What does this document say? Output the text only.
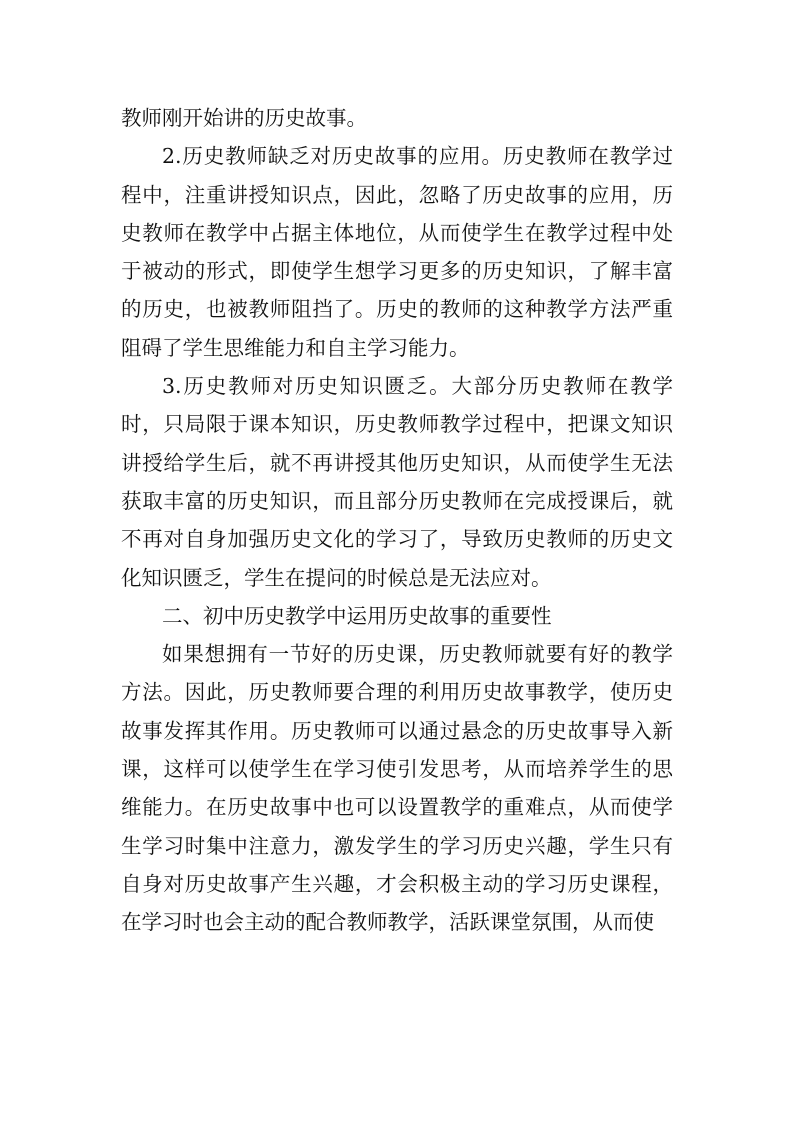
教师刚开始讲的历史故事。

2.历史教师缺乏对历史故事的应用。历史教师在教学过程中，注重讲授知识点，因此，忽略了历史故事的应用，历史教师在教学中占据主体地位，从而使学生在教学过程中处于被动的形式，即使学生想学习更多的历史知识，了解丰富的历史，也被教师阻挡了。历史的教师的这种教学方法严重阻碍了学生思维能力和自主学习能力。

3.历史教师对历史知识匮乏。大部分历史教师在教学时，只局限于课本知识，历史教师教学过程中，把课文知识讲授给学生后，就不再讲授其他历史知识，从而使学生无法获取丰富的历史知识，而且部分历史教师在完成授课后，就不再对自身加强历史文化的学习了，导致历史教师的历史文化知识匮乏，学生在提问的时候总是无法应对。

二、初中历史教学中运用历史故事的重要性

如果想拥有一节好的历史课，历史教师就要有好的教学方法。因此，历史教师要合理的利用历史故事教学，使历史故事发挥其作用。历史教师可以通过悬念的历史故事导入新课，这样可以使学生在学习使引发思考，从而培养学生的思维能力。在历史故事中也可以设置教学的重难点，从而使学生学习时集中注意力，激发学生的学习历史兴趣，学生只有自身对历史故事产生兴趣，才会积极主动的学习历史课程，在学习时也会主动的配合教师教学，活跃课堂氛围，从而使
